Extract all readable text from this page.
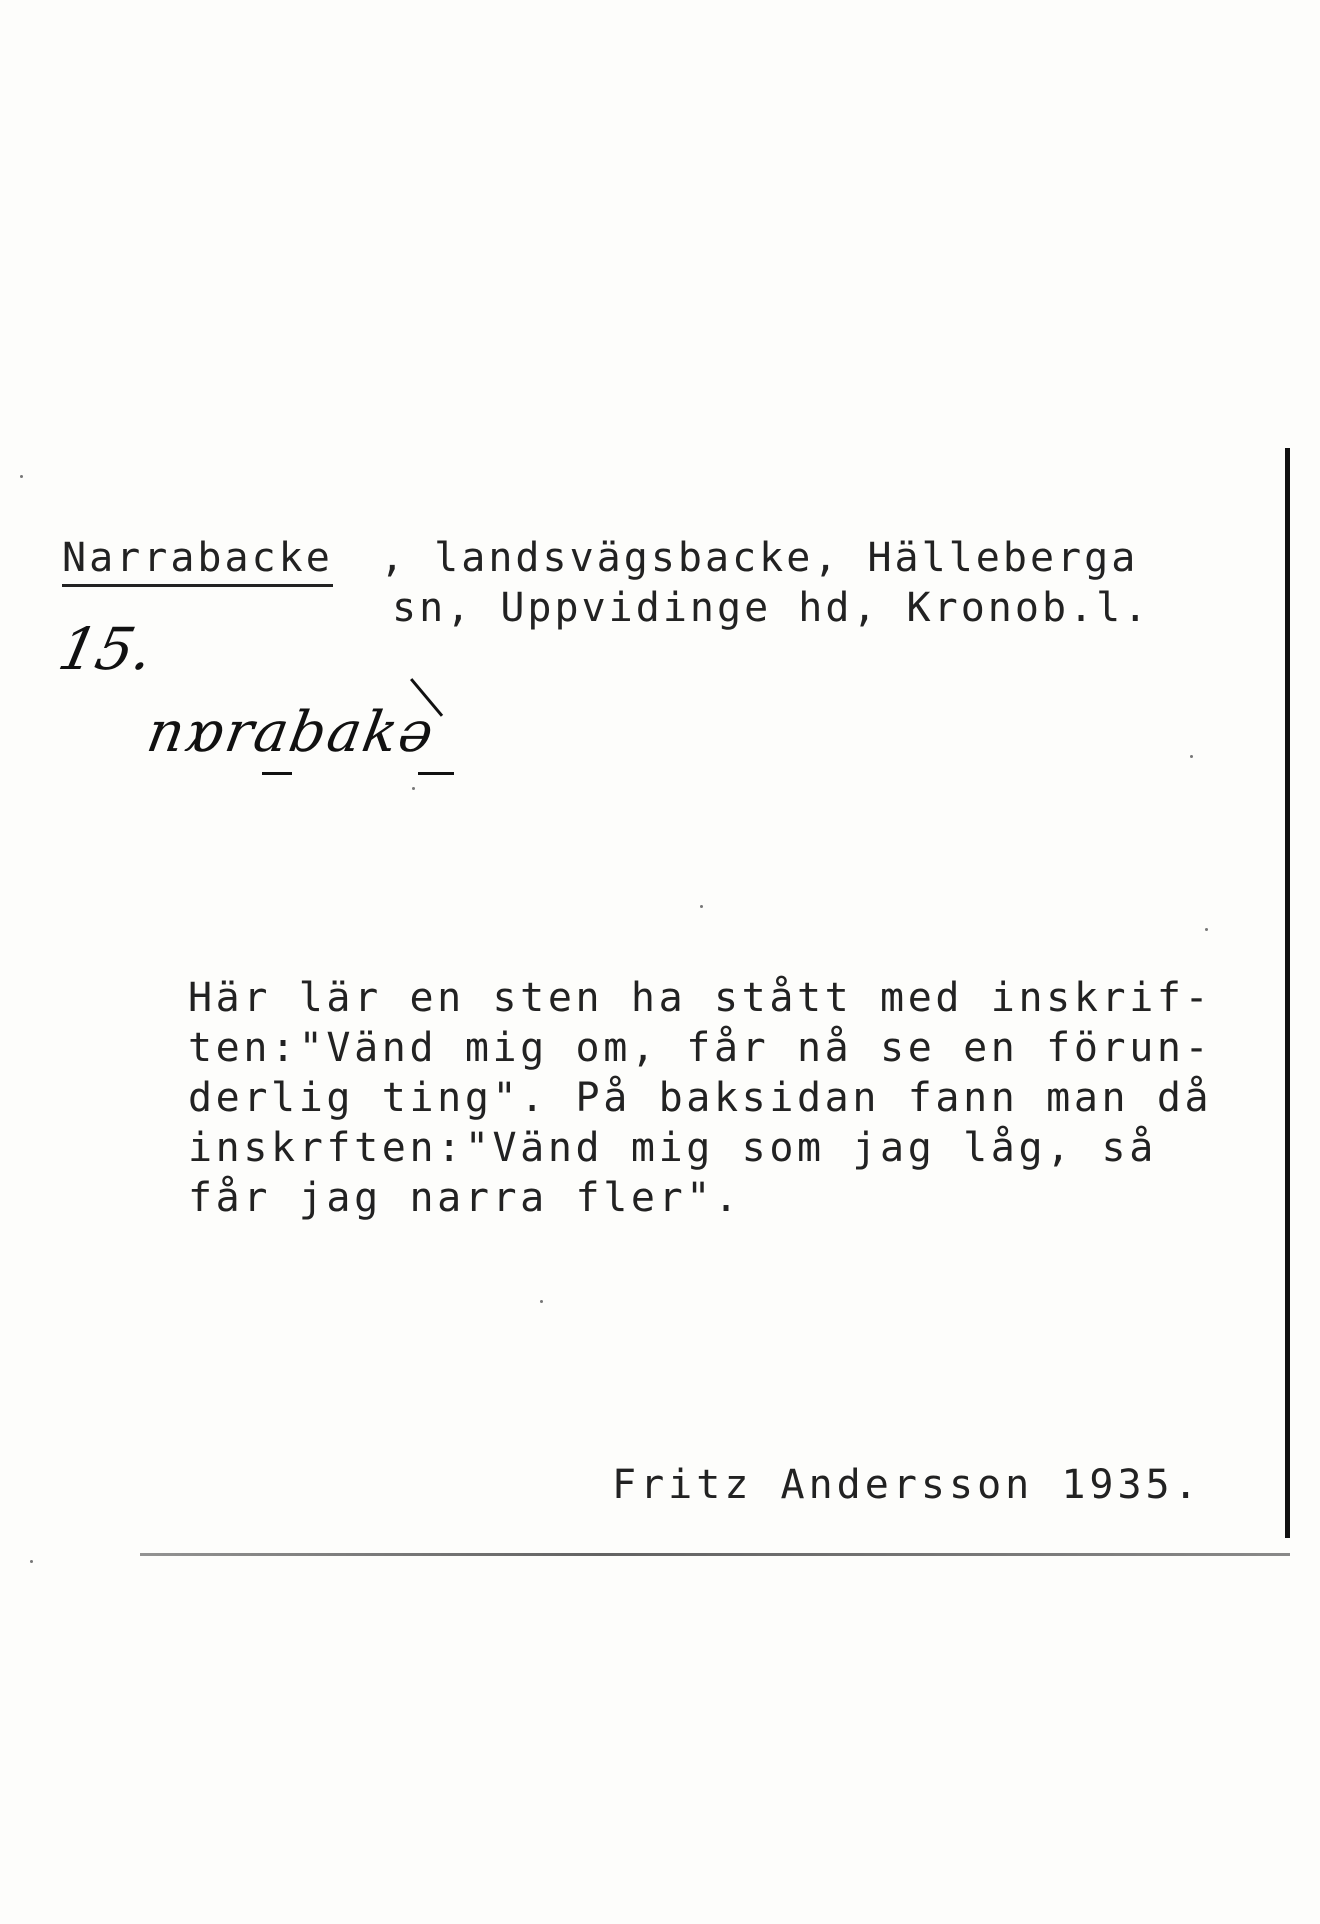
Narrabacke , landsvägsbacke, Hälleberga
sn, Uppvidinge hd, Kronob.l.
15.
nɒrabakə
Här lär en sten ha stått med inskrif-
ten:"Vänd mig om, får nå se en förun-
derlig ting". På baksidan fann man då
inskrften:"Vänd mig som jag låg, så
får jag narra fler".
Fritz Andersson 1935.
